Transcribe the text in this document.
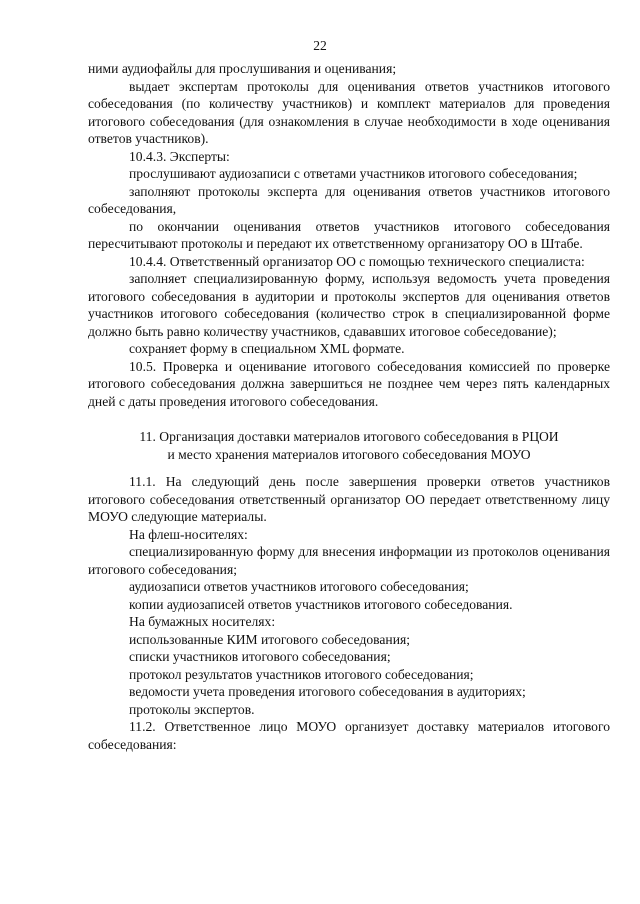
22

ними аудиофайлы для прослушивания и оценивания;

выдает экспертам протоколы для оценивания ответов участников итогового собеседования (по количеству участников) и комплект материалов для проведения итогового собеседования (для ознакомления в случае необходимости в ходе оценивания ответов участников).

10.4.3. Эксперты:

прослушивают аудиозаписи с ответами участников итогового собеседования;

заполняют протоколы эксперта для оценивания ответов участников итогового собеседования,

по окончании оценивания ответов участников итогового собеседования пересчитывают протоколы и передают их ответственному организатору ОО в Штабе.

10.4.4. Ответственный организатор ОО с помощью технического специалиста:

заполняет специализированную форму, используя ведомость учета проведения итогового собеседования в аудитории и протоколы экспертов для оценивания ответов участников итогового собеседования (количество строк в специализированной форме должно быть равно количеству участников, сдававших итоговое собеседование);

сохраняет форму в специальном XML формате.

10.5. Проверка и оценивание итогового собеседования комиссией по проверке итогового собеседования должна завершиться не позднее чем через пять календарных дней с даты проведения итогового собеседования.

11. Организация доставки материалов итогового собеседования в РЦОИ
и место хранения материалов итогового собеседования МОУО

11.1. На следующий день после завершения проверки ответов участников итогового собеседования ответственный организатор ОО передает ответственному лицу МОУО следующие материалы.

На флеш-носителях:

специализированную форму для внесения информации из протоколов оценивания итогового собеседования;

аудиозаписи ответов участников итогового собеседования;

копии аудиозаписей ответов участников итогового собеседования.

На бумажных носителях:

использованные КИМ итогового собеседования;

списки участников итогового собеседования;

протокол результатов участников итогового собеседования;

ведомости учета проведения итогового собеседования в аудиториях;

протоколы экспертов.

11.2. Ответственное лицо МОУО организует доставку материалов итогового собеседования:
